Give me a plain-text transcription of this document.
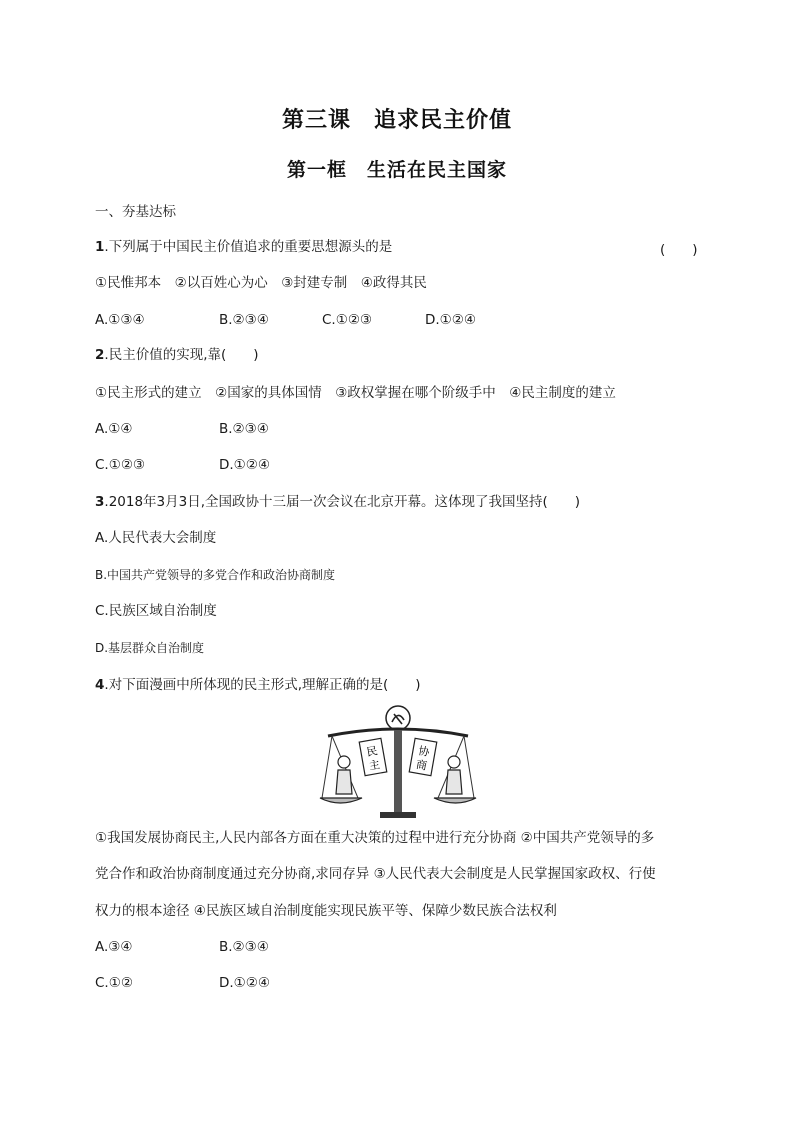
第三课　追求民主价值
第一框　生活在民主国家
一、夯基达标
1.下列属于中国民主价值追求的重要思想源头的是	(　　)
①民惟邦本　②以百姓心为心　③封建专制　④政得其民
A.①③④	B.②③④	C.①②③	D.①②④
2.民主价值的实现,靠(　　)
①民主形式的建立　②国家的具体国情　③政权掌握在哪个阶级手中　④民主制度的建立
A.①④	B.②③④
C.①②③	D.①②④
3.2018年3月3日,全国政协十三届一次会议在北京开幕。这体现了我国坚持(　　)
A.人民代表大会制度
B.中国共产党领导的多党合作和政治协商制度
C.民族区域自治制度
D.基层群众自治制度
4.对下面漫画中所体现的民主形式,理解正确的是(　　)
民
主
协
商
①我国发展协商民主,人民内部各方面在重大决策的过程中进行充分协商 ②中国共产党领导的多
党合作和政治协商制度通过充分协商,求同存异 ③人民代表大会制度是人民掌握国家政权、行使
权力的根本途径 ④民族区域自治制度能实现民族平等、保障少数民族合法权利
A.③④	B.②③④
C.①②	D.①②④
